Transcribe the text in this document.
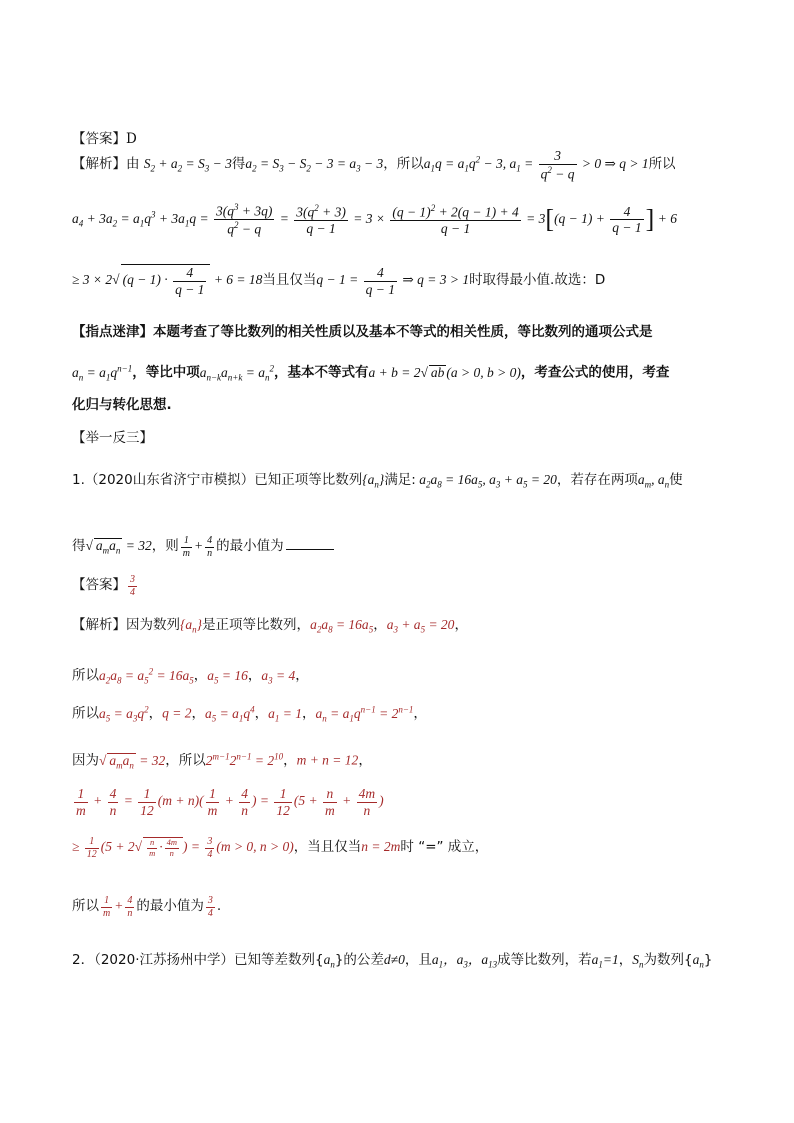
【答案】D
【解析】由 $S_2 + a_2 = S_3 - 3$得$a_2 = S_3 - S_2 - 3 = a_3 - 3$，所以$a_1q = a_1q^2 - 3$, $a_1 = \frac{3}{q^2 - q} > 0$ ⇒ q > 1所以
$a_4 + 3a_2 = a_1q^3 + 3a_1q = \frac{3(q^3 + 3q)}{q^2 - q} = \frac{3(q^2 + 3)}{q - 1} = 3 \times \frac{(q - 1)^2 + 2(q - 1) + 4}{q - 1} = 3[(q - 1) + \frac{4}{q - 1}$ ] + 6
≥ 3 × 2√ $(q - 1) \cdot \frac{4}{q - 1} + 6 = 18$当且仅当$q - 1 = \frac{4}{q - 1}$ ⇒ q = 3 > 1时取得最小值.故选：D
【指点迷津】本题考查了等比数列的相关性质以及基本不等式的相关性质，等比数列的通项公式是
$a_n = a_1q^{n-1}$，等比中项$a_{n-k}a_{n+k} = a_n^2$，基本不等式有a + b = 2√ ab (a > 0, b > 0)，考查公式的使用，考查
化归与转化思想.
【举一反三】
1.（2020山东省济宁市模拟）已知正项等比数列$\{a_n\}$满足: $a_2a_8 = 16a_5$, $a_3 + a_5 = 20$，若存在两项$a_m$, $a_n$使
得√ $a_ma_n = 32$，则 $\frac{1}{m} + \frac{4}{n}$ 的最小值为
【答案】 $\frac{3}{4}$
【解析】因为数列$\{a_n\}$是正项等比数列，$a_2a_8 = 16a_5$，$a_3 + a_5 = 20$，
所以$a_2a_8 = a_5^2 = 16a_5$，$a_5 = 16$，$a_3 = 4$，
所以$a_5 = a_3q^2$，q = 2，$a_5 = a_1q^4$，$a_1 = 1$，$a_n = a_1q^{n-1} = 2^{n-1}$，
因为√ $a_ma_n = 32$，所以$2^{m-1}2^{n-1} = 2^{10}$，m + n = 12，
$\frac{1}{m} + \frac{4}{n} = \frac{1}{12} (m + n)( \frac{1}{m} + \frac{4}{n}$ ) = $\frac{1}{12} (5 + \frac{n}{m} + \frac{4m}{n}$ )
≥ $\frac{1}{12} (5 + 2√ \frac{n}{m} \cdot \frac{4m}{n}$ ) = $\frac{3}{4} (m > 0$, n > 0)，当且仅当n = 2m时 “=” 成立，
所以 $\frac{1}{m} + \frac{4}{n}$ 的最小值为 $\frac{3}{4}$ .
2．（2020·江苏扬州中学）已知等差数列$\{a_n\}$的公差d≠0，且$a_1$，$a_3$，$a_{13}$成等比数列，若$a_1=1$，$S_n$为数列$\{a_n\}$
